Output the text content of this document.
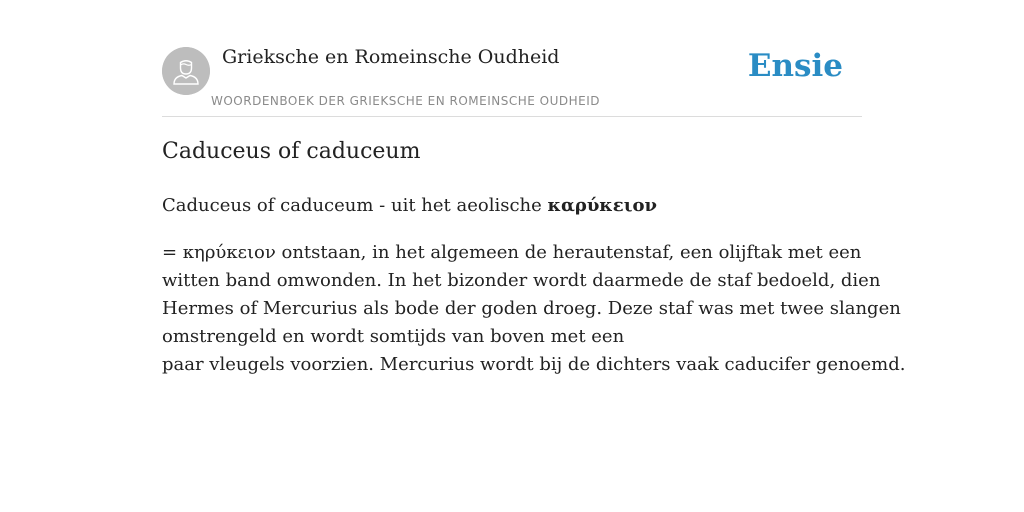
Grieksche en Romeinsche Oudheid
WOORDENBOEK DER GRIEKSCHE EN ROMEINSCHE OUDHEID
Ensie
Caduceus of caduceum

Caduceus of caduceum - uit het aeolische καρύκειον

= κηρύκειον ontstaan, in het algemeen de herautenstaf, een olijftak met een
witten band omwonden. In het bizonder wordt daarmede de staf bedoeld, dien
Hermes of Mercurius als bode der goden droeg. Deze staf was met twee slangen
omstrengeld en wordt somtijds van boven met een
paar vleugels voorzien. Mercurius wordt bij de dichters vaak caducifer genoemd.
